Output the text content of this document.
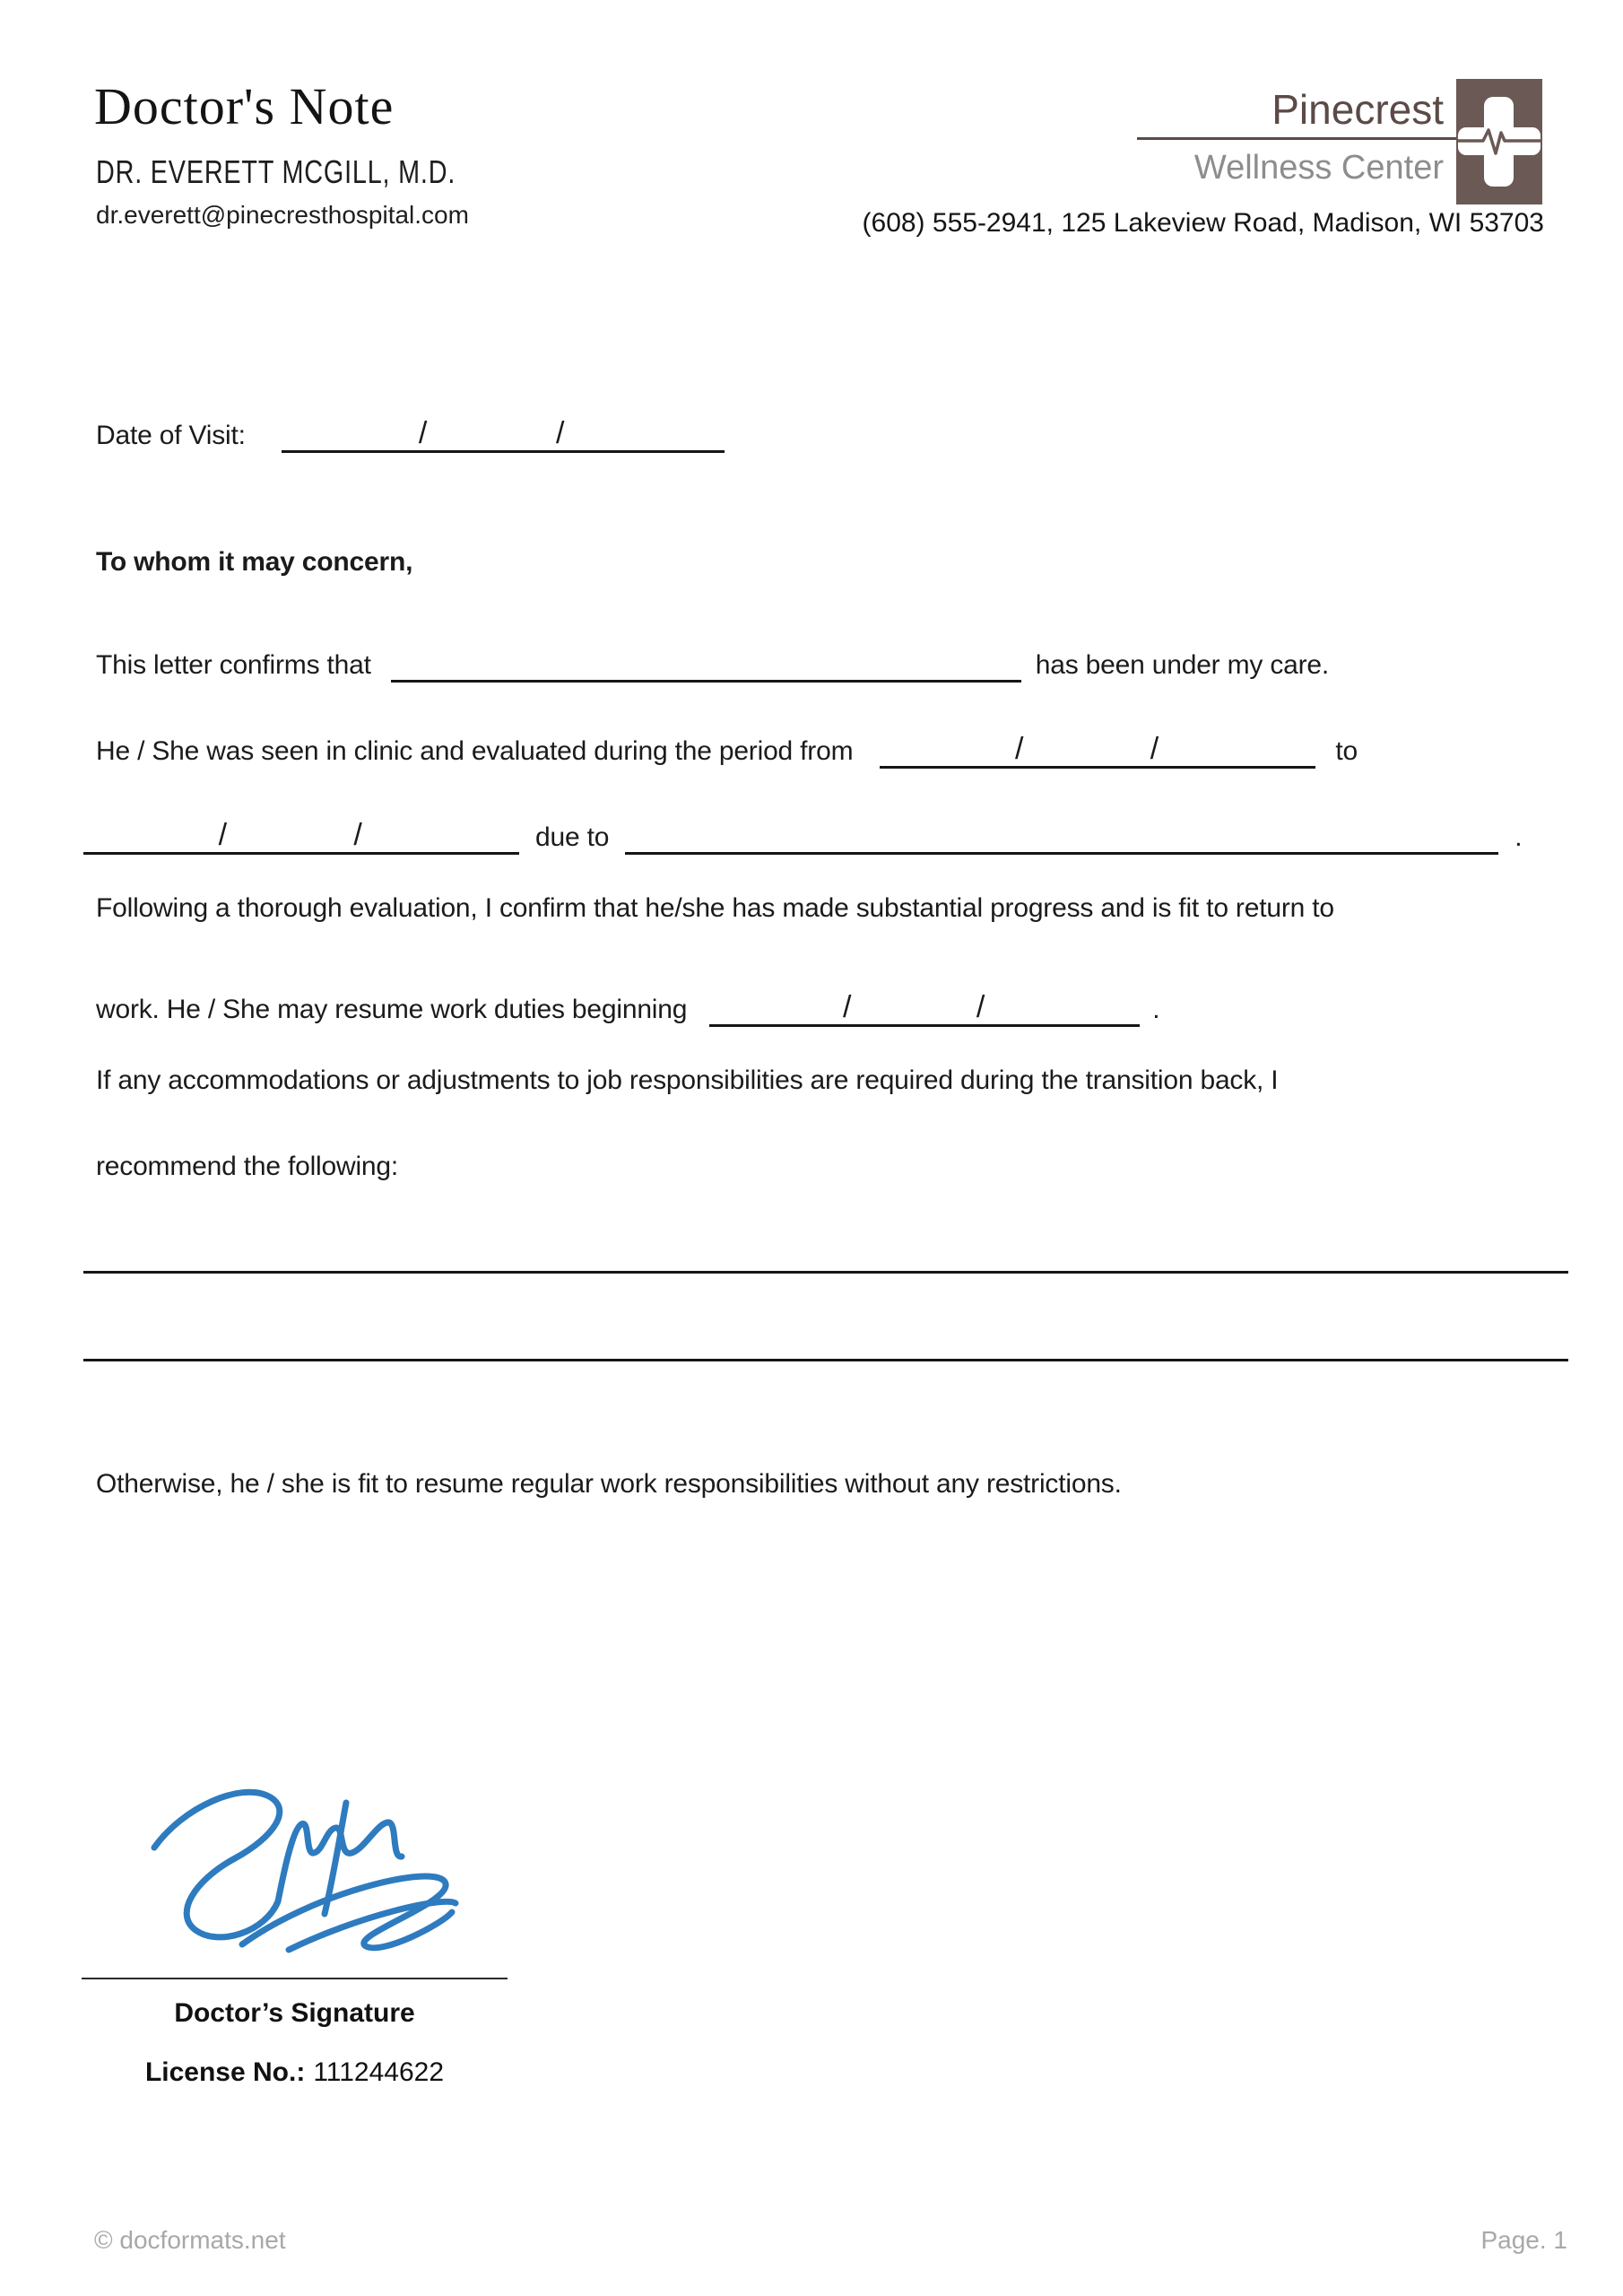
Doctor's Note
DR. EVERETT MCGILL, M.D.
dr.everett@pinecresthospital.com
Pinecrest
Wellness Center
(608) 555-2941, 125 Lakeview Road, Madison, WI 53703
Date of Visit:	/	/
To whom it may concern,
This letter confirms that	has been under my care.
He / She was seen in clinic and evaluated during the period from	/	/	to
/	/	due to	.
Following a thorough evaluation, I confirm that he/she has made substantial progress and is fit to return to
work. He / She may resume work duties beginning	/	/	.
If any accommodations or adjustments to job responsibilities are required during the transition back, I
recommend the following:
Otherwise, he / she is fit to resume regular work responsibilities without any restrictions.
Doctor’s Signature
License No.: 111244622
© docformats.net	Page. 1
